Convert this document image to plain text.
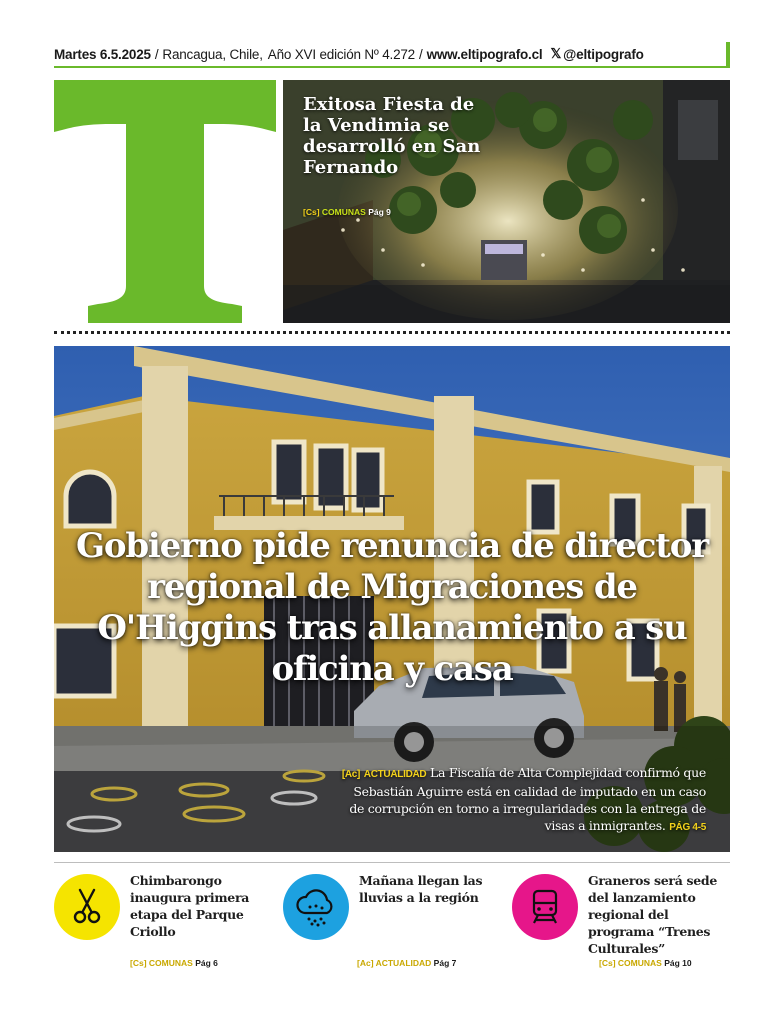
Martes 6.5.2025 / Rancagua, Chile, Año XVI edición Nº 4.272 / www.eltipografo.cl 𝕏 @eltipografo
El Tipógrafo
Exitosa Fiesta de la Vendimia se desarrolló en San Fernando
[Cs] COMUNAS Pág 9
Gobierno pide renuncia de director regional de Migraciones de O'Higgins tras allanamiento a su oficina y casa
[Ac] ACTUALIDAD La Fiscalía de Alta Complejidad confirmó que Sebastián Aguirre está en calidad de imputado en un caso de corrupción en torno a irregularidades con la entrega de visas a inmigrantes. PÁG 4-5
Chimbarongo inaugura primera etapa del Parque Criollo
[Cs] COMUNAS Pág 6
Mañana llegan las lluvias a la región
[Ac] ACTUALIDAD Pág 7
Graneros será sede del lanzamiento regional del programa “Trenes Culturales”
[Cs] COMUNAS Pág 10
